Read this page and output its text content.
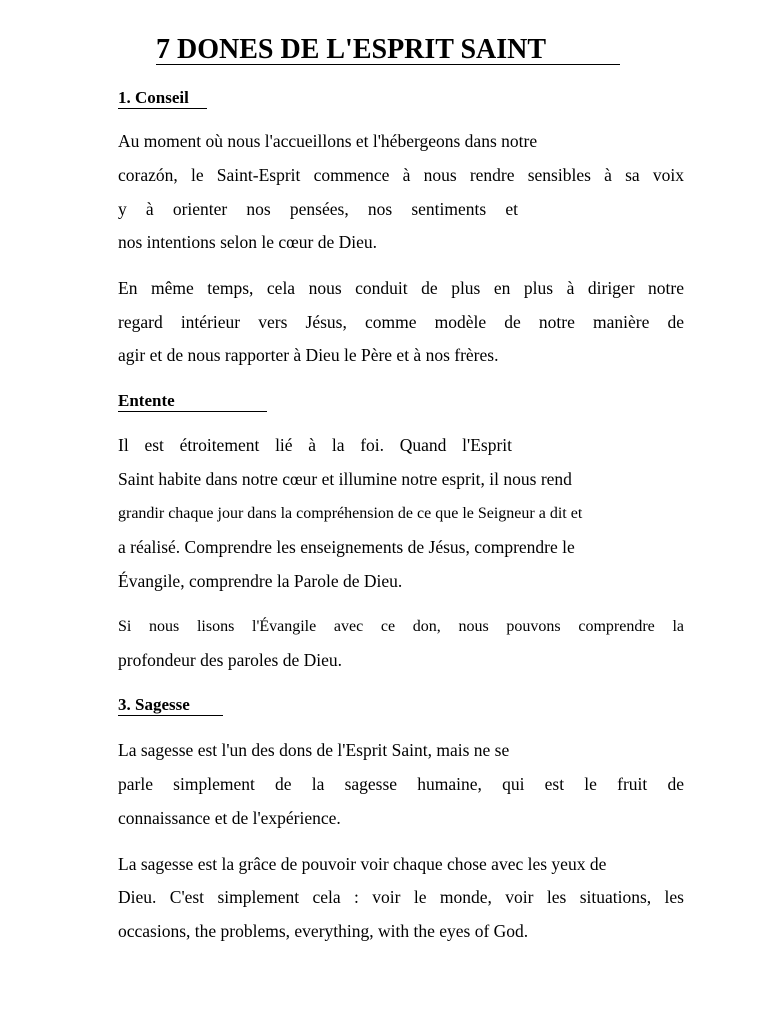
7 DONES DE L'ESPRIT SAINT
1. Conseil
Au moment où nous l'accueillons et l'hébergeons dans notre
corazón, le Saint-Esprit commence à nous rendre sensibles à sa voix
y à orienter nos pensées, nos sentiments et
nos intentions selon le cœur de Dieu.
En même temps, cela nous conduit de plus en plus à diriger notre
regard intérieur vers Jésus, comme modèle de notre manière de
agir et de nous rapporter à Dieu le Père et à nos frères.
Entente
Il est étroitement lié à la foi. Quand l'Esprit
Saint habite dans notre cœur et illumine notre esprit, il nous rend
grandir chaque jour dans la compréhension de ce que le Seigneur a dit et
a réalisé. Comprendre les enseignements de Jésus, comprendre le
Évangile, comprendre la Parole de Dieu.
Si nous lisons l'Évangile avec ce don, nous pouvons comprendre la
profondeur des paroles de Dieu.
3. Sagesse
La sagesse est l'un des dons de l'Esprit Saint, mais ne se
parle simplement de la sagesse humaine, qui est le fruit de
connaissance et de l'expérience.
La sagesse est la grâce de pouvoir voir chaque chose avec les yeux de
Dieu. C'est simplement cela : voir le monde, voir les situations, les
occasions, the problems, everything, with the eyes of God.
